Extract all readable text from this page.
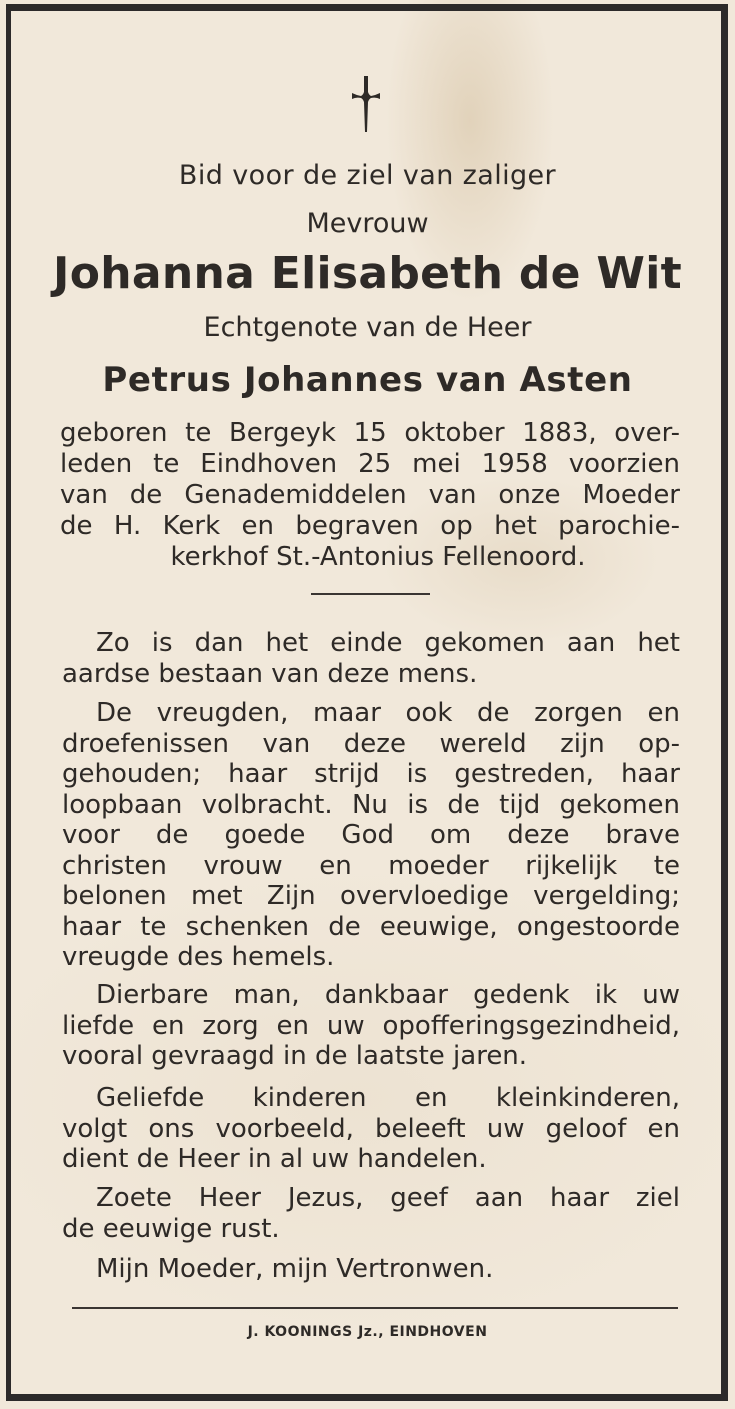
Bid voor de ziel van zaliger
Mevrouw
Johanna Elisabeth de Wit
Echtgenote van de Heer
Petrus Johannes van Asten
geboren te Bergeyk 15 oktober 1883, over-
leden te Eindhoven 25 mei 1958 voorzien
van de Genademiddelen van onze Moeder
de H. Kerk en begraven op het parochie-
kerkhof St.-Antonius Fellenoord.
Zo is dan het einde gekomen aan het
aardse bestaan van deze mens.
De vreugden, maar ook de zorgen en
droefenissen van deze wereld zijn op-
gehouden; haar strijd is gestreden, haar
loopbaan volbracht. Nu is de tijd gekomen
voor de goede God om deze brave
christen vrouw en moeder rijkelijk te
belonen met Zijn overvloedige vergelding;
haar te schenken de eeuwige, ongestoorde
vreugde des hemels.
Dierbare man, dankbaar gedenk ik uw
liefde en zorg en uw opofferingsgezindheid,
vooral gevraagd in de laatste jaren.
Geliefde kinderen en kleinkinderen,
volgt ons voorbeeld, beleeft uw geloof en
dient de Heer in al uw handelen.
Zoete Heer Jezus, geef aan haar ziel
de eeuwige rust.
Mijn Moeder, mijn Vertronwen.
J. KOONINGS Jz., EINDHOVEN
